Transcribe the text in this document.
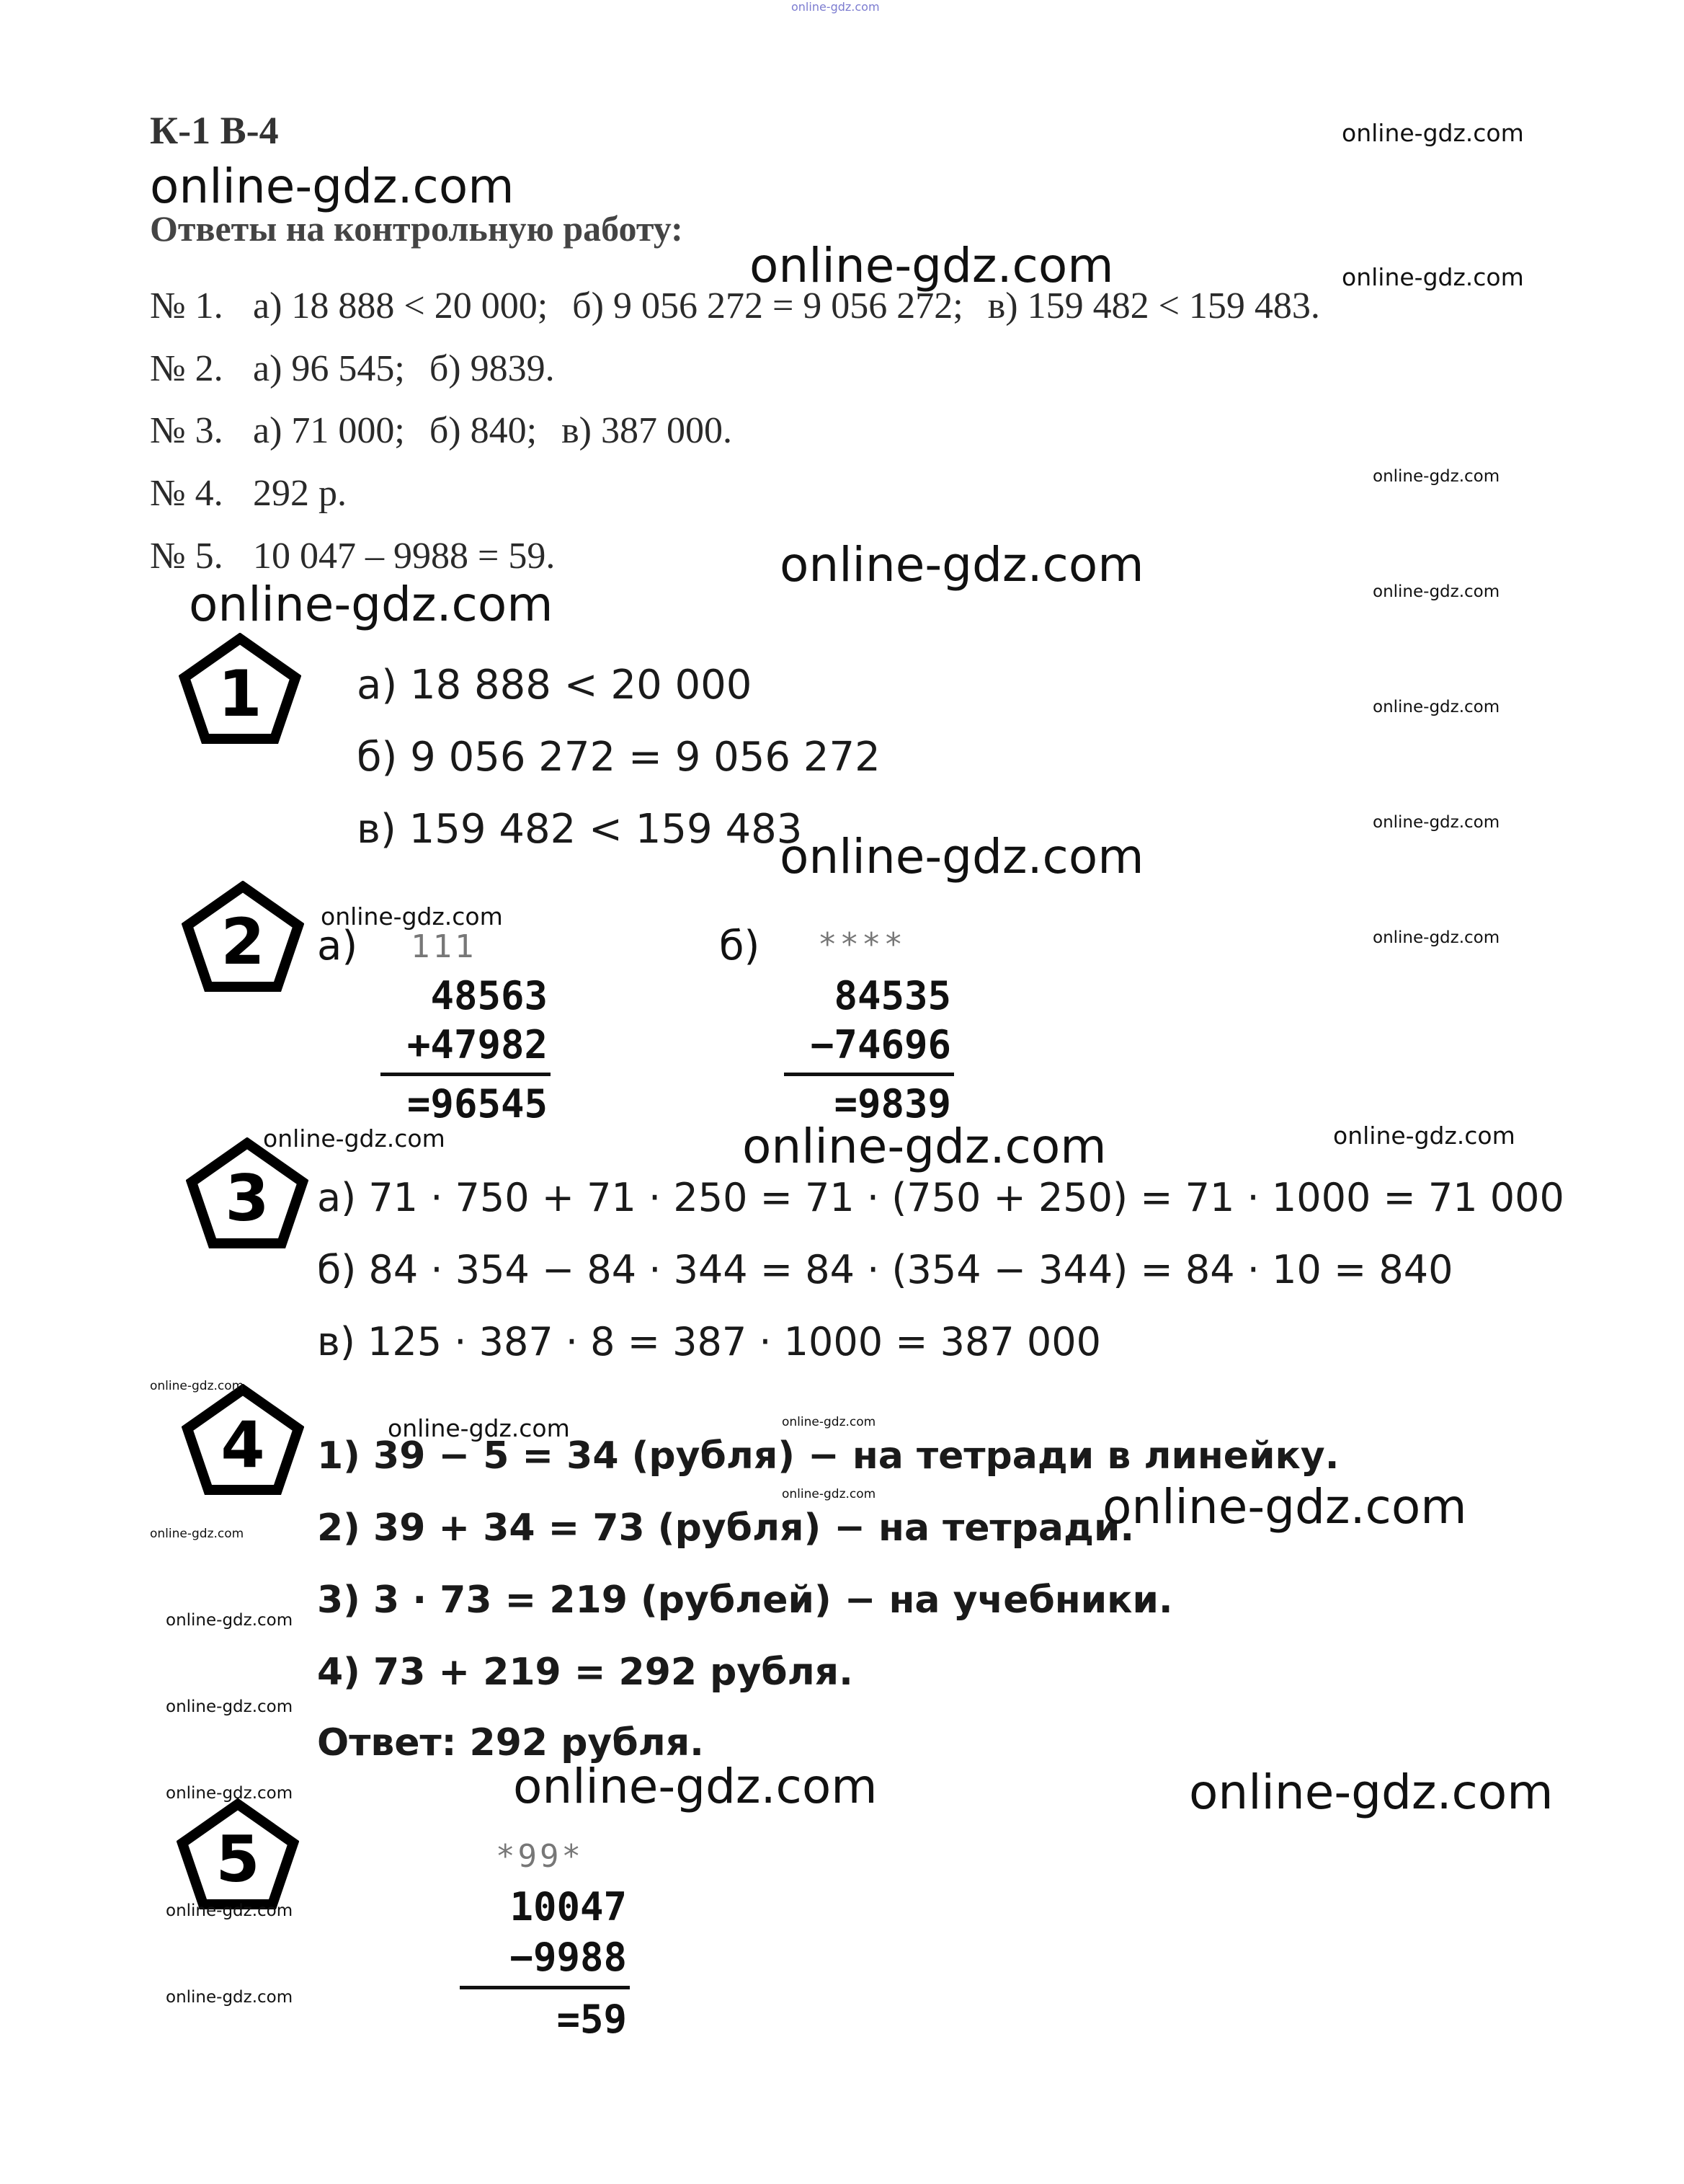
online-gdz.com
К-1 В-4
Ответы на контрольную работу:
№ 1. а) 18 888 < 20 000; б) 9 056 272 = 9 056 272; в) 159 482 < 159 483.
№ 2. а) 96 545; б) 9839.
№ 3. а) 71 000; б) 840; в) 387 000.
№ 4. 292 р.
№ 5. 10 047 – 9988 = 59.
1 а) 18 888 < 20 000
б) 9 056 272 = 9 056 272
в) 159 482 < 159 483
2 а) 111
48563
+47982
=96545
б) ****
84535
−74696
=9839
3 а) 71 · 750 + 71 · 250 = 71 · (750 + 250) = 71 · 1000 = 71 000
б) 84 · 354 − 84 · 344 = 84 · (354 − 344) = 84 · 10 = 840
в) 125 · 387 · 8 = 387 · 1000 = 387 000
4 1) 39 − 5 = 34 (рубля) − на тетради в линейку.
2) 39 + 34 = 73 (рубля) − на тетради.
3) 3 · 73 = 219 (рублей) − на учебники.
4) 73 + 219 = 292 рубля.
Ответ: 292 рубля.
5	*99*
10047
−9988
=59
online-gdz.com
online-gdz.com
online-gdz.com	online-gdz.com
online-gdz.com
online-gdz.com
online-gdz.com	online-gdz.com
online-gdz.com
online-gdz.com
online-gdz.com
online-gdz.com
online-gdz.com
online-gdz.com	online-gdz.com	online-gdz.com
online-gdz.com
online-gdz.com	online-gdz.com
online-gdz.com	online-gdz.com
online-gdz.com
online-gdz.com
online-gdz.com
online-gdz.com	online-gdz.com
online-gdz.com
online-gdz.com
online-gdz.com
